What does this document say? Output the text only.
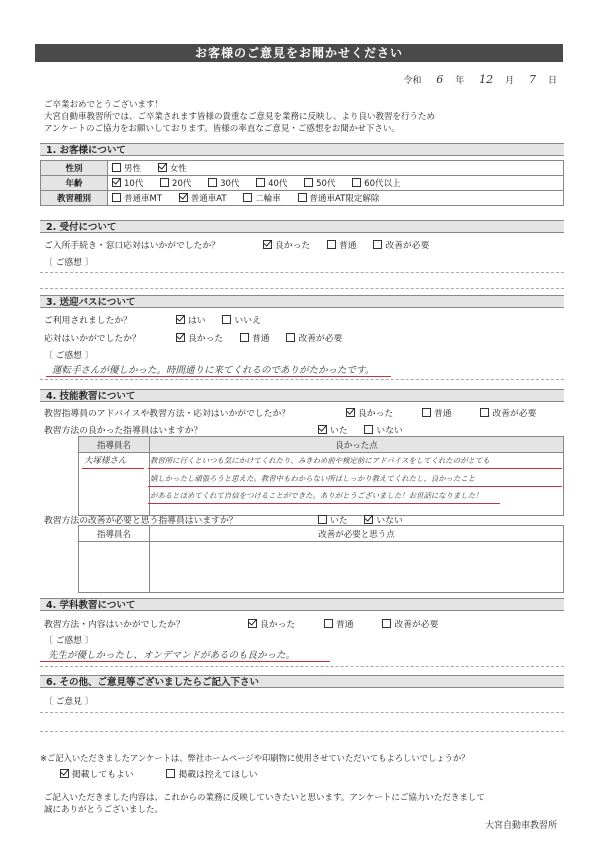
お客様のご意見をお聞かせください
令和 6 年 12 月 7 日
ご卒業おめでとうございます！
大宮自動車教習所では、ご卒業されます皆様の貴重なご意見を業務に反映し、より良い教習を行うため
アンケートのご協力をお願いしております。皆様の率直なご意見・ご感想をお聞かせ下さい。
1. お客様について
性別	男性 女性
年齢	10代 20代 30代 40代 50代 60代以上
教習種別	普通車MT 普通車AT 二輪車 普通車AT限定解除
2. 受付について
ご入所手続き・窓口応対はいかがでしたか？	良かった	普通	改善が必要
〔 ご感想 〕
3. 送迎バスについて
ご利用されましたか？	はい	いいえ
応対はいかがでしたか？	良かった	普通	改善が必要
〔 ご感想 〕
運転手さんが優しかった。時間通りに来てくれるのでありがたかったです。
4. 技能教習について
教習指導員のアドバイスや教習方法・応対はいかがでしたか？	良かった	普通	改善が必要
教習方法の良かった指導員はいますか？	いた	いない
指導員名	良かった点

大塚様さん	教習所に行くといつも気にかけてくれたり、みきわめ前や検定前にアドバイスをしてくれたのがとても
嬉しかったし頑張ろうと思えた。教習中もわからない所はしっかり教えてくれたし、良かったこと
があるとほめてくれて自信をつけることができた。ありがとうございました！お世話になりました！
教習方法の改善が必要と思う指導員はいますか？	いた	いない
指導員名	改善が必要と思う点

4. 学科教習について
教習方法・内容はいかがでしたか？	良かった	普通	改善が必要
〔 ご感想 〕
先生が優しかったし、オンデマンドがあるのも良かった。
6. その他、ご意見等ございましたらご記入下さい
〔 ご意見 〕
※ご記入いただきましたアンケートは、弊社ホームページや印刷物に使用させていただいてもよろしいでしょうか？
掲載してもよい	掲載は控えてほしい
ご記入いただきました内容は、これからの業務に反映していきたいと思います。アンケートにご協力いただきまして
誠にありがとうございました。
大宮自動車教習所
